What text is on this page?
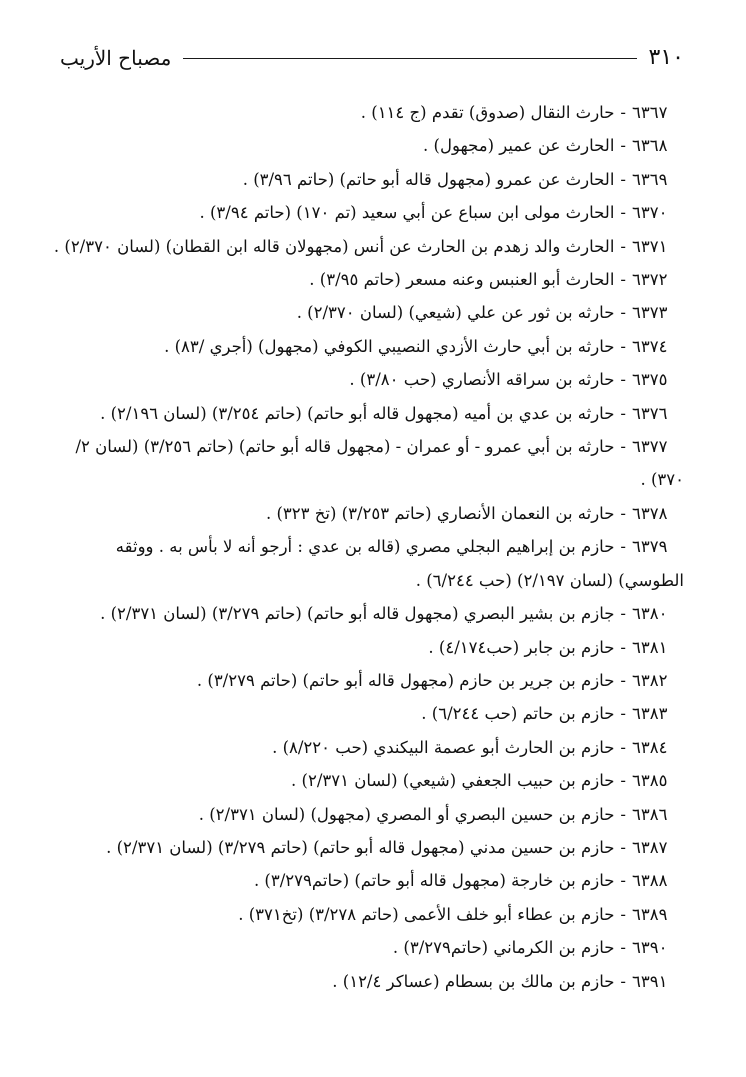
٣١٠
مصباح الأريب
٦٣٦٧-حارث النقال (صدوق) تقدم (ج ١١٤) .
٦٣٦٨-الحارث عن عمير (مجهول) .
٦٣٦٩-الحارث عن عمرو (مجهول قاله أبو حاتم) (حاتم ٣/٩٦) .
٦٣٧٠-الحارث مولى ابن سباع عن أبي سعيد (تم ١٧٠) (حاتم ٣/٩٤) .
٦٣٧١-الحارث والد زهدم بن الحارث عن أنس (مجهولان قاله ابن القطان) (لسان ٢/٣٧٠) .
٦٣٧٢-الحارث أبو العنبس وعنه مسعر (حاتم ٣/٩٥) .
٦٣٧٣-حارثه بن ثور عن علي (شيعي) (لسان ٢/٣٧٠) .
٦٣٧٤-حارثه بن أبي حارث الأزدي النصيبي الكوفي (مجهول) (أجري /٨٣) .
٦٣٧٥-حارثه بن سراقه الأنصاري (حب ٣/٨٠) .
٦٣٧٦-حارثه بن عدي بن أميه (مجهول قاله أبو حاتم) (حاتم ٣/٢٥٤) (لسان ٢/١٩٦) .
٦٣٧٧-حارثه بن أبي عمرو - أو عمران - (مجهول قاله أبو حاتم) (حاتم ٣/٢٥٦) (لسان ٢/ ٣٧٠) .
٦٣٧٨-حارثه بن النعمان الأنصاري (حاتم ٣/٢٥٣) (تخ ٣٢٣) .
٦٣٧٩-حازم بن إبراهيم البجلي مصري (قاله بن عدي : أرجو أنه لا بأس به . ووثقه الطوسي) (لسان ٢/١٩٧) (حب ٦/٢٤٤) .
٦٣٨٠-جازم بن بشير البصري (مجهول قاله أبو حاتم) (حاتم ٣/٢٧٩) (لسان ٢/٣٧١) .
٦٣٨١-حازم بن جابر (حب٤/١٧٤) .
٦٣٨٢-حازم بن جرير بن حازم (مجهول قاله أبو حاتم) (حاتم ٣/٢٧٩) .
٦٣٨٣-حازم بن حاتم (حب ٦/٢٤٤) .
٦٣٨٤-حازم بن الحارث أبو عصمة البيكندي (حب ٨/٢٢٠) .
٦٣٨٥-حازم بن حبيب الجعفي (شيعي) (لسان ٢/٣٧١) .
٦٣٨٦-حازم بن حسين البصري أو المصري (مجهول) (لسان ٢/٣٧١) .
٦٣٨٧-حازم بن حسين مدني (مجهول قاله أبو حاتم) (حاتم ٣/٢٧٩) (لسان ٢/٣٧١) .
٦٣٨٨-حازم بن خارجة (مجهول قاله أبو حاتم) (حاتم٣/٢٧٩) .
٦٣٨٩-حازم بن عطاء أبو خلف الأعمى (حاتم ٣/٢٧٨) (تخ٣٧١) .
٦٣٩٠-حازم بن الكرماني (حاتم٣/٢٧٩) .
٦٣٩١-حازم بن مالك بن بسطام (عساكر ١٢/٤) .
